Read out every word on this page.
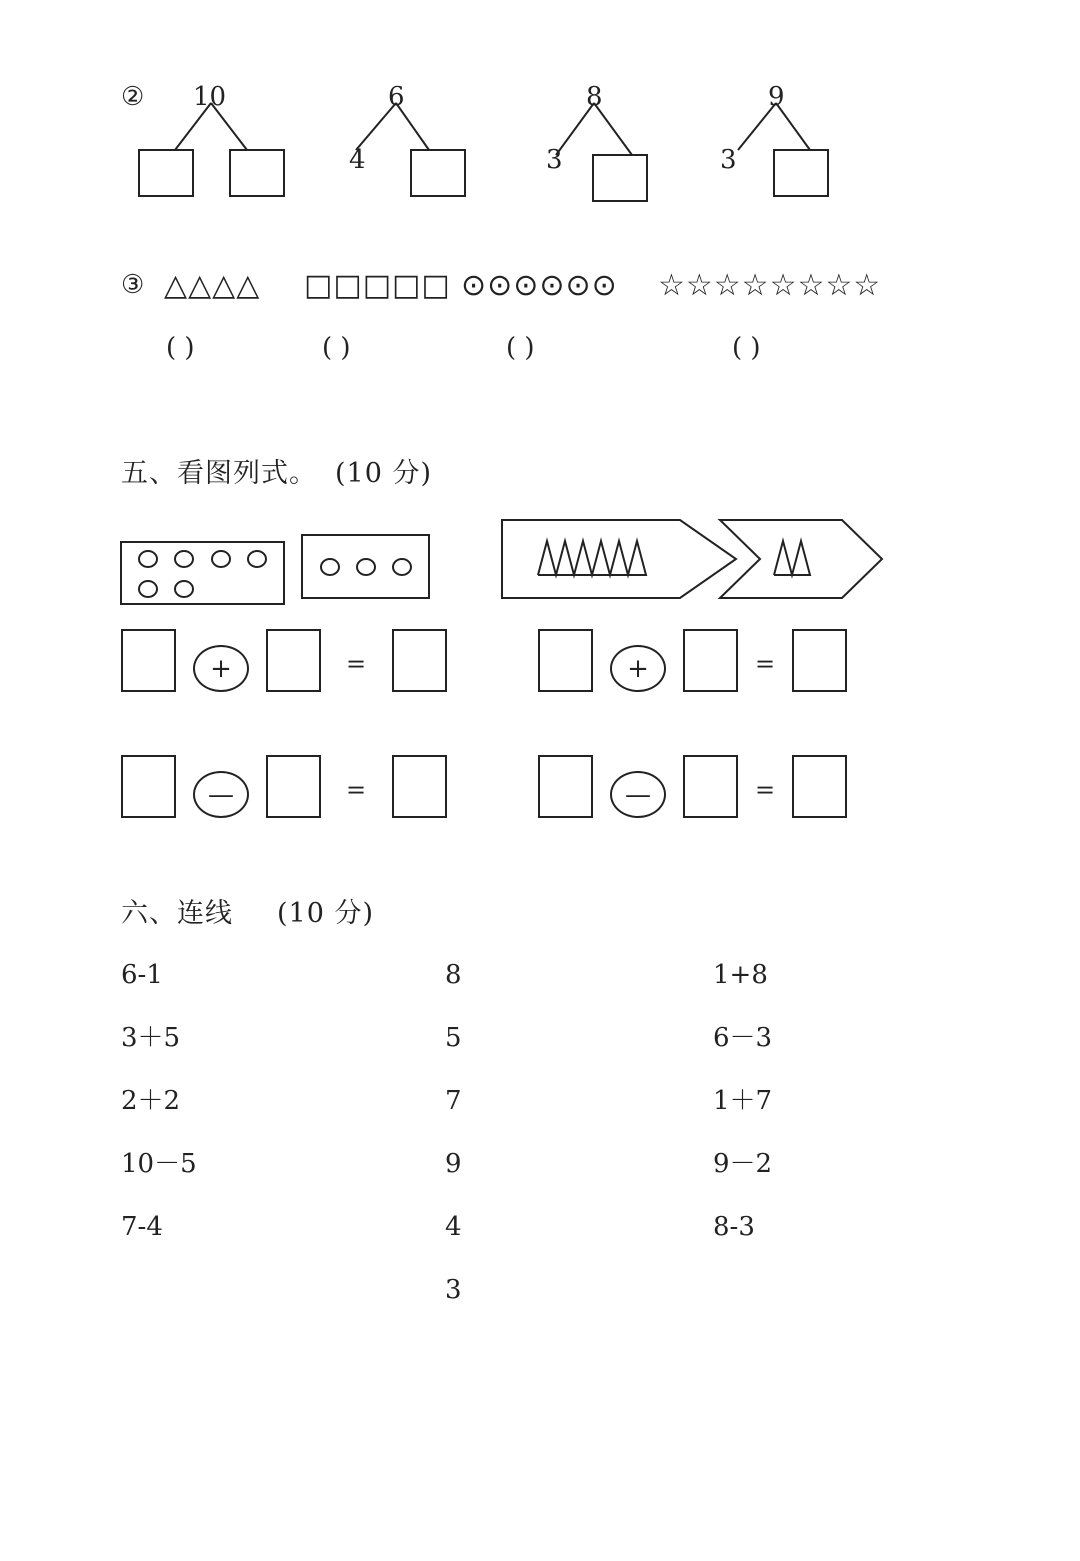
② 10	6
4
8
3
9
3
③ △△△△ □□□□□ ⊙⊙⊙⊙⊙⊙ ☆☆☆☆☆☆☆☆
( )	( )	( )	( )
五、看图列式。 (10 分)
+	=
—	=
+	=
—	=
六、连线 (10 分)
6-1
3＋5
2＋2
10－5
7-4
8
5
7
9
4
3
1+8
6－3
1＋7
9－2
8-3
